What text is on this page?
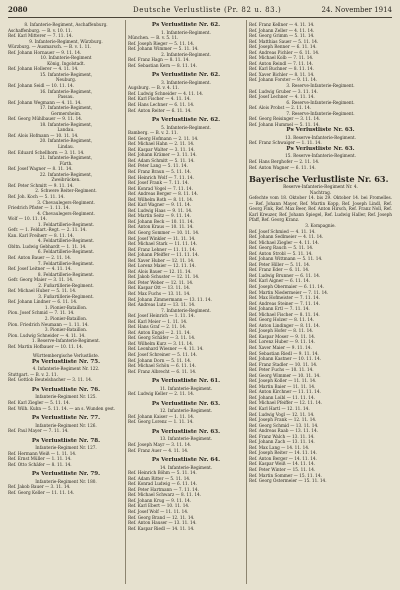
2080	Deutsche Verlustliste (Pr. 82 u. 83.)	24. November 1914
8. Infanterie-Regiment, Aschaffenburg.
Aschaffenburg. — B. v. 10. 11.
Ref. Karl Mitterer — 7. 11. 14.
9. Infanterie-Regiment, Würzburg.
Würzburg. — Ausmarsch. — B. v. 1. 11.
Ref. Johann Hornauer — 9. 11. 14.
10. Infanterie-Regiment
König, Ingolstadt.
Ref. Johann Hollerer — 4. 11. 14.
15. Infanterie-Regiment,
Neuburg.
Ref. Johann Seidl — 10. 11. 14.
16. Infanterie-Regiment,
Passau.
Ref. Johann Wegmann — 4. 11. 14.
17. Infanterie-Regiment,
Germersheim.
Ref. Georg Mühlbauer — 9. 11. 14.
18. Infanterie-Regiment,
Landau.
Ref. Alois Hofmann — 10. 11. 14.
20. Infanterie-Regiment,
Lindau.
Ref. Eduard Schellhorn — 3. 11. 14.
21. Infanterie-Regiment,
Fürth.
Ref. Josef Wagner — 8. 11. 14.
22. Infanterie-Regiment,
Zweibrücken.
Ref. Peter Schmitt — 9. 11. 14.
2. Schwere Reiter-Regiment.
Ref. Joh. Koch — 5. 11. 14.
3. Chevaulegers-Regiment.
Friedrich Pfister — 1. 11. 14.
4. Chevaulegers-Regiment.
Wolf — 10. 11. 14.
1. Feldartillerie-Regiment.
Gefr. — 1. Feldart.-Regt. — 2. 11. 14.
Kan. Karl Freiherr — 8. 11. 14.
4. Feldartillerie-Regiment.
Obltn. Ludwig Gebhardt — 1. 11. 14.
6. Feldartillerie-Regiment.
Ref. Anton Bauer — 2. 11. 14.
7. Feldartillerie-Regiment.
Ref. Josef Leitner — 4. 11. 14.
8. Feldartillerie-Regiment.
Gefr. Georg Maier — 3. 11. 14.
2. Fußartillerie-Regiment.
Ref. Michael Huber — 5. 11. 14.
3. Fußartillerie-Regiment.
Ref. Johann Lindner — 6. 11. 14.
1. Pionier-Bataillon.
Pion. Josef Schmid — 7. 11. 14.
2. Pionier-Bataillon.
Pion. Friedrich Neumann — 1. 11. 14.
3. Pionier-Bataillon.
Pion. Ludwig Schneider — 4. 11. 14.
1. Reserve-Infanterie-Regiment.
Ref. Martin Hofbauer — 10. 11. 14.
Württembergische Verlustliste.
Ps Verlustliste Nr. 75.
4. Infanterie-Regiment Nr. 122.
Stuttgart. — B. v. 2. 11.
Ref. Gottlob Beutelsbacher — 3. 11. 14.
Ps Verlustliste Nr. 76.
Infanterie-Regiment Nr. 125.
Ref. Karl Ziegler — 5. 11. 14.
Ref. Wilh. Kuhn — 5. 11. 14. — an s. Wunden gest.
Ps Verlustliste Nr. 77.
Infanterie-Regiment Nr. 126.
Ref. Paul Mayer — 7. 11. 14.
Ps Verlustliste Nr. 78.
Infanterie-Regiment Nr. 127.
Ref. Hermann Weiß — 1. 11. 14.
Ref. Ernst Müller — 1. 11. 14.
Ref. Otto Schäfer — 8. 11. 14.
Ps Verlustliste Nr. 79.
Infanterie-Regiment Nr. 180.
Ref. Jakob Bauer — 3. 11. 14.
Ref. Georg Keller — 11. 11. 14.
Ps Verlustliste Nr. 62.
1. Infanterie-Regiment.
München. — B. v. 5. 11.
Ref. Joseph Rieger — 5. 11. 14.
Ref. Johann Wimmer — 5. 11. 14.
2. Infanterie-Regiment.
Ref. Franz Hagn — 8. 11. 14.
Ref. Sebastian Kern — 8. 11. 14.
Ps Verlustliste Nr. 62.
3. Infanterie-Regiment.
Augsburg. — B. v. 4. 11.
Ref. Ludwig Schneider — 4. 11. 14.
Ref. Karl Fischer — 4. 11. 14.
Ref. Hans Lechner — 6. 11. 14.
Ref. Anton Reiter — 6. 11. 14.
Ps Verlustliste Nr. 62.
5. Infanterie-Regiment.
Bamberg. — B. v. 2. 11.
Ref. Georg Hofmann — 2. 11. 14.
Ref. Michael Hahn — 2. 11. 14.
Ref. Kaspar Walter — 3. 11. 14.
Ref. Johann Krämer — 3. 11. 14.
Ref. Adam Schmitt — 5. 11. 14.
Ref. Peter Lang — 5. 11. 14.
Ref. Franz Braun — 5. 11. 14.
Ref. Heinrich Wolf — 7. 11. 14.
Ref. Josef Frank — 7. 11. 14.
Ref. Konrad Vogel — 7. 11. 14.
Ref. Andreas Berger — 8. 11. 14.
Ref. Wilhelm Roth — 8. 11. 14.
Ref. Karl Wagner — 9. 11. 14.
Ref. Ludwig Haas — 9. 11. 14.
Ref. Martin Seitz — 9. 11. 14.
Ref. Johann Beck — 10. 11. 14.
Ref. Anton Kraus — 10. 11. 14.
Ref. Georg Sommer — 10. 11. 14.
Ref. Josef Winkler — 11. 11. 14.
Ref. Michael Stark — 11. 11. 14.
Ref. Franz Lehner — 11. 11. 14.
Ref. Johann Pfeiffer — 11. 11. 14.
Ref. Xaver Huber — 12. 11. 14.
Ref. Lorenz Maier — 12. 11. 14.
Ref. Alois Bauer — 12. 11. 14.
Ref. Jakob Schuster — 12. 11. 14.
Ref. Peter Weber — 12. 11. 14.
Ref. Kaspar Ott — 13. 11. 14.
Ref. Max Fuchs — 13. 11. 14.
Ref. Johann Zimmermann — 13. 11. 14.
Ref. Andreas Lutz — 13. 11. 14.
7. Infanterie-Regiment.
Ref. Josef Heinrich — 1. 11. 14.
Ref. Karl Meier — 1. 11. 14.
Ref. Hans Graf — 2. 11. 14.
Ref. Anton Engel — 2. 11. 14.
Ref. Georg Schäfer — 3. 11. 14.
Ref. Wilhelm Kurz — 3. 11. 14.
Ref. Leonhard Wiesner — 4. 11. 14.
Ref. Josef Schreiner — 5. 11. 14.
Ref. Johann Dorn — 5. 11. 14.
Ref. Michael Schön — 6. 11. 14.
Ref. Franz Albrecht — 6. 11. 14.
Ps Verlustliste Nr. 61.
11. Infanterie-Regiment.
Ref. Ludwig Keller — 2. 11. 14.
Ps Verlustliste Nr. 63.
12. Infanterie-Regiment.
Ref. Johann Kaiser — 1. 11. 14.
Ref. Georg Lorenz — 1. 11. 14.
Ps Verlustliste Nr. 63.
13. Infanterie-Regiment.
Ref. Joseph Mayr — 3. 11. 14.
Ref. Franz Auer — 4. 11. 14.
Ps Verlustliste Nr. 64.
14. Infanterie-Regiment.
Ref. Heinrich Böhm — 5. 11. 14.
Ref. Adam Ritter — 5. 11. 14.
Ref. Konrad Ludwig — 6. 11. 14.
Ref. Peter Hartmann — 7. 11. 14.
Ref. Michael Schwarz — 8. 11. 14.
Ref. Johann Krug — 9. 11. 14.
Ref. Karl Ebert — 10. 11. 14.
Ref. Josef Wolf — 11. 11. 14.
Ref. Georg Brand — 12. 11. 14.
Ref. Anton Hauser — 13. 11. 14.
Ref. Kaspar Riedl — 14. 11. 14.
Ref. Franz Kellner — 4. 11. 14.
Ref. Johann Zeller — 4. 11. 14.
Ref. Georg Grimm — 5. 11. 14.
Ref. Matthias Sauer — 5. 11. 14.
Ref. Joseph Renner — 6. 11. 14.
Ref. Andreas Pichler — 6. 11. 14.
Ref. Michael Kolb — 7. 11. 14.
Ref. Anton Reindl — 7. 11. 14.
Ref. Karl Buchner — 8. 11. 14.
Ref. Xaver Bichler — 8. 11. 14.
Ref. Johann Forster — 9. 11. 14.
3. Reserve-Infanterie-Regiment.
Ref. Ludwig Gruber — 3. 11. 14.
Ref. Josef Lechner — 4. 11. 14.
6. Reserve-Infanterie-Regiment.
Ref. Alois Probst — 2. 11. 14.
7. Reserve-Infanterie-Regiment.
Ref. Georg Reisinger — 3. 11. 14.
Ref. Johann Hummel — 5. 11. 14.
Ps Verlustliste Nr. 63.
13. Reserve-Infanterie-Regiment.
Ref. Franz Schwaiger — 1. 11. 14.
Ps Verlustliste Nr. 63.
15. Reserve-Infanterie-Regiment.
Ref. Hans Berghofer — 2. 11. 14.
Ref. Anton Wagner — 6. 11. 14.
Bayerische Verlustliste Nr. 63.
Reserve-Infanterie-Regiment Nr. 4.
Nachtrag.
Gefechte vom 18. Oktober 14. bis 29. Oktober 14. bei Fromelles. — Ref. Johann Mayer, Ref. Martin Kopp, Ref. Joseph Lindl, Ref. Georg Fink, Ref. Max Beer, Ref. Anton Hirsch, Ref. Franz Noll, Ref. Karl Kreuzer, Ref. Johann Spiegel, Ref. Ludwig Haller, Ref. Joseph Pfaff, Ref. Georg Kranz.
3. Kompagnie.
Ref. Josef Schmied — 4. 11. 14.
Ref. Johann Sedlmeier — 4. 11. 14.
Ref. Michael Ziegler — 4. 11. 14.
Ref. Georg Rauch — 5. 11. 14.
Ref. Anton Strobl — 5. 11. 14.
Ref. Johann Wittmann — 5. 11. 14.
Ref. Peter Hiller — 5. 11. 14.
Ref. Franz Eder — 6. 11. 14.
Ref. Ludwig Brunner — 6. 11. 14.
Ref. Karl Aigner — 6. 11. 14.
Ref. Joseph Obermaier — 6. 11. 14.
Ref. Martin Niedermeier — 7. 11. 14.
Ref. Max Hofmeister — 7. 11. 14.
Ref. Andreas Steiner — 7. 11. 14.
Ref. Johann Ertl — 7. 11. 14.
Ref. Michael Fischer — 8. 11. 14.
Ref. Georg Holzer — 8. 11. 14.
Ref. Anton Lindinger — 8. 11. 14.
Ref. Joseph Hofer — 8. 11. 14.
Ref. Kaspar Moser — 9. 11. 14.
Ref. Lorenz Huber — 9. 11. 14.
Ref. Xaver Maier — 9. 11. 14.
Ref. Sebastian Riedl — 9. 11. 14.
Ref. Johann Kastner — 10. 11. 14.
Ref. Franz Stadler — 10. 11. 14.
Ref. Peter Fuchs — 10. 11. 14.
Ref. Georg Wimmer — 10. 11. 14.
Ref. Joseph Koller — 11. 11. 14.
Ref. Martin Baier — 11. 11. 14.
Ref. Anton Kirchner — 11. 11. 14.
Ref. Johann Loibl — 11. 11. 14.
Ref. Michael Pfeiffer — 12. 11. 14.
Ref. Karl Hartl — 12. 11. 14.
Ref. Ludwig Vogl — 12. 11. 14.
Ref. Joseph Frank — 12. 11. 14.
Ref. Georg Schmid — 13. 11. 14.
Ref. Andreas Raab — 13. 11. 14.
Ref. Franz Walch — 13. 11. 14.
Ref. Johann Zach — 13. 11. 14.
Ref. Max Lang — 14. 11. 14.
Ref. Joseph Reiter — 14. 11. 14.
Ref. Anton Berger — 14. 11. 14.
Ref. Kaspar Weiß — 14. 11. 14.
Ref. Peter Winter — 15. 11. 14.
Ref. Martin Sommer — 15. 11. 14.
Ref. Georg Ostermeier — 15. 11. 14.
